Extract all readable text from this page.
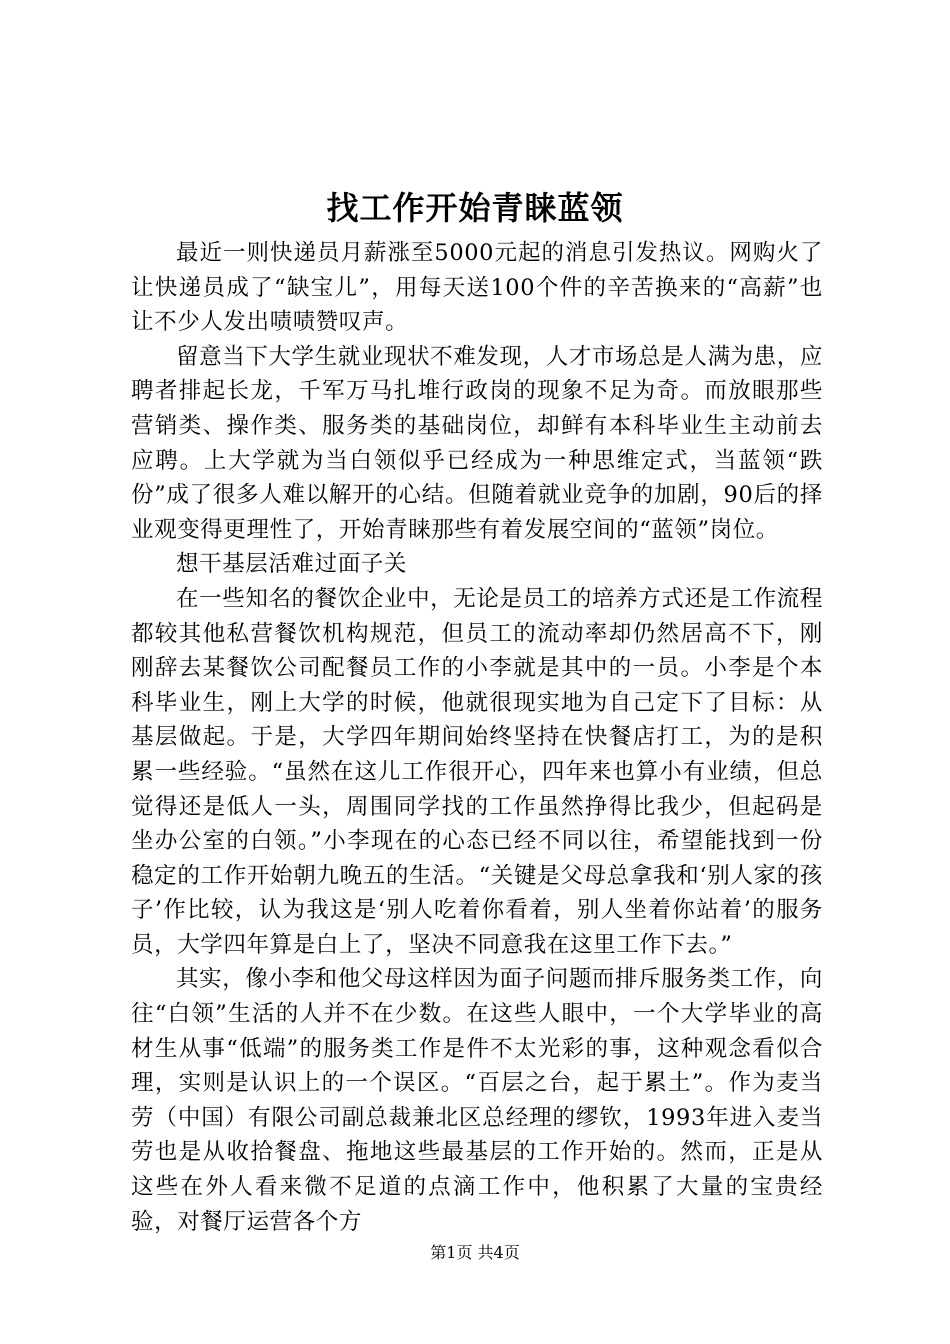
找工作开始青睐蓝领

最近一则快递员月薪涨至5000元起的消息引发热议。网购火了让快递员成了“缺宝儿”，用每天送100个件的辛苦换来的“高薪”也让不少人发出啧啧赞叹声。

留意当下大学生就业现状不难发现，人才市场总是人满为患，应聘者排起长龙，千军万马扎堆行政岗的现象不足为奇。而放眼那些营销类、操作类、服务类的基础岗位，却鲜有本科毕业生主动前去应聘。上大学就为当白领似乎已经成为一种思维定式，当蓝领“跌份”成了很多人难以解开的心结。但随着就业竞争的加剧，90后的择业观变得更理性了，开始青睐那些有着发展空间的“蓝领”岗位。

想干基层活难过面子关

在一些知名的餐饮企业中，无论是员工的培养方式还是工作流程都较其他私营餐饮机构规范，但员工的流动率却仍然居高不下，刚刚辞去某餐饮公司配餐员工作的小李就是其中的一员。小李是个本科毕业生，刚上大学的时候，他就很现实地为自己定下了目标：从基层做起。于是，大学四年期间始终坚持在快餐店打工，为的是积累一些经验。“虽然在这儿工作很开心，四年来也算小有业绩，但总觉得还是低人一头，周围同学找的工作虽然挣得比我少，但起码是坐办公室的白领。”小李现在的心态已经不同以往，希望能找到一份稳定的工作开始朝九晚五的生活。“关键是父母总拿我和‘别人家的孩子’作比较，认为我这是‘别人吃着你看着，别人坐着你站着’的服务员，大学四年算是白上了，坚决不同意我在这里工作下去。”

其实，像小李和他父母这样因为面子问题而排斥服务类工作，向往“白领”生活的人并不在少数。在这些人眼中，一个大学毕业的高材生从事“低端”的服务类工作是件不太光彩的事，这种观念看似合理，实则是认识上的一个误区。“百层之台，起于累土”。作为麦当劳（中国）有限公司副总裁兼北区总经理的缪钦，1993年进入麦当劳也是从收拾餐盘、拖地这些最基层的工作开始的。然而，正是从这些在外人看来微不足道的点滴工作中，他积累了大量的宝贵经验，对餐厅运营各个方

第1页 共4页
